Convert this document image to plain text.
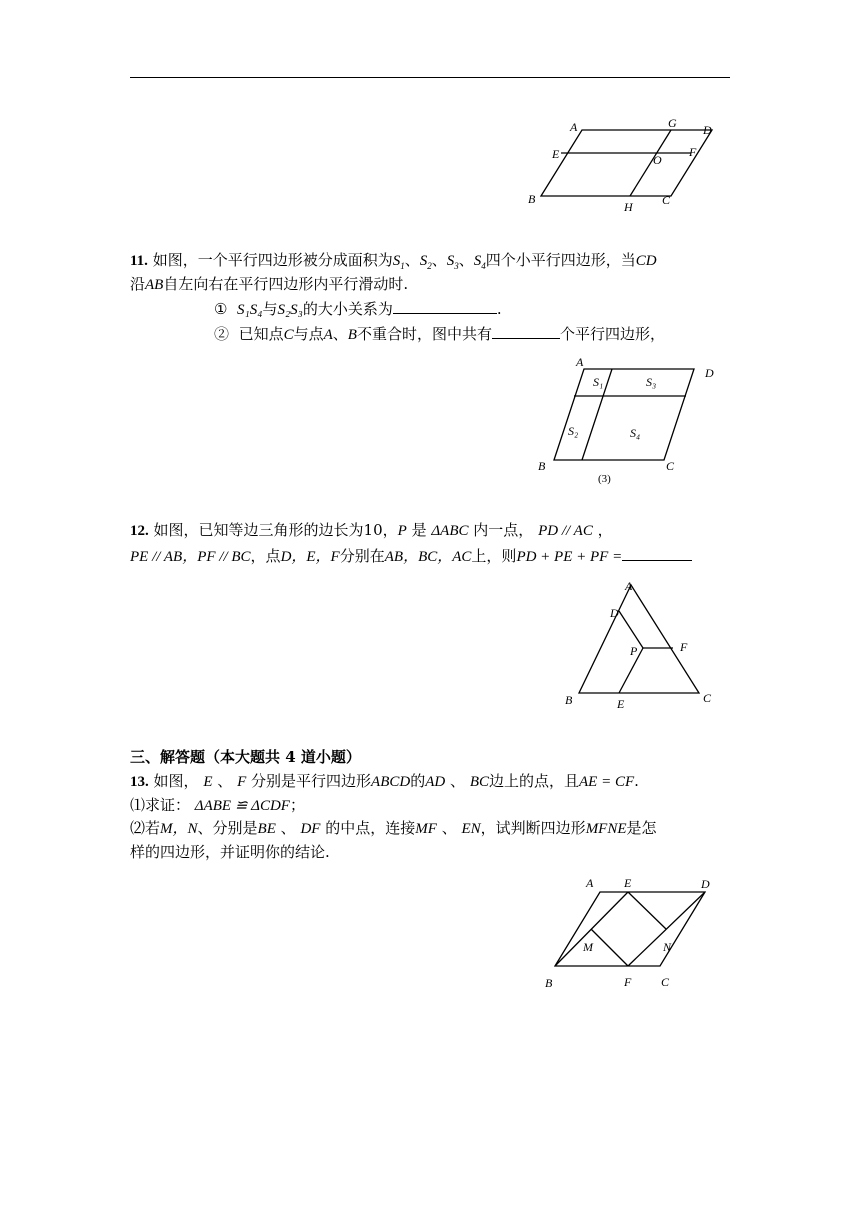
A	G D
E	O
F
B
H C
11. 如图，一个平行四边形被分成面积为$S_1$、$S_2$、$S_3$、$S_4$四个小平行四边形，当CD
沿AB自左向右在平行四边形内平行滑动时.
① S₁S₄与S₂S₃的大小关系为	.
② 已知点C与点A、B不重合时，图中共有	个平行四边形，
A
D
B	C
S₁	S₃
S₂	S₄
(3)
12. 如图，已知等边三角形的边长为10，P 是 ΔABC 内一点， PD // AC ，
PE // AB，PF // BC，点D，E，F分别在AB，BC，AC上，则PD + PE + PF =
A
D
P	F
B	E	C
三、解答题（本大题共 4 道小题）
13. 如图， E 、 F 分别是平行四边形ABCD的AD 、 BC边上的点，且AE = CF.
⑴求证： ΔABE ≌ ΔCDF；
⑵若M，N、分别是BE 、 DF 的中点，连接MF 、 EN，试判断四边形MFNE是怎
样的四边形，并证明你的结论.
A	E	D
M	N
B	F C
